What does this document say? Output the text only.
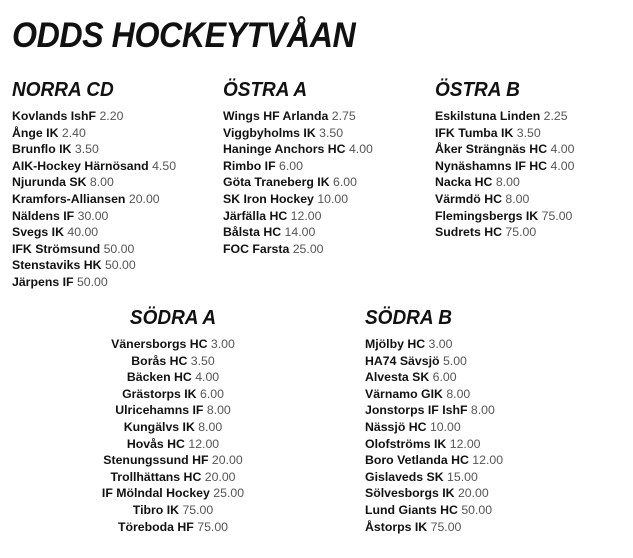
ODDS HOCKEYTVÅAN
NORRA CD
Kovlands IshF 2.20
Ånge IK 2.40
Brunflo IK 3.50
AIK-Hockey Härnösand 4.50
Njurunda SK 8.00
Kramfors-Alliansen 20.00
Näldens IF 30.00
Svegs IK 40.00
IFK Strömsund 50.00
Stenstaviks HK 50.00
Järpens IF 50.00
ÖSTRA A
Wings HF Arlanda 2.75
Viggbyholms IK 3.50
Haninge Anchors HC 4.00
Rimbo IF 6.00
Göta Traneberg IK 6.00
SK Iron Hockey 10.00
Järfälla HC 12.00
Bålsta HC 14.00
FOC Farsta 25.00
ÖSTRA B
Eskilstuna Linden 2.25
IFK Tumba IK 3.50
Åker Strängnäs HC 4.00
Nynäshamns IF HC 4.00
Nacka HC 8.00
Värmdö HC 8.00
Flemingsbergs IK 75.00
Sudrets HC 75.00
SÖDRA A
Vänersborgs HC 3.00
Borås HC 3.50
Bäcken HC 4.00
Grästorps IK 6.00
Ulricehamns IF 8.00
Kungälvs IK 8.00
Hovås HC 12.00
Stenungssund HF 20.00
Trollhättans HC 20.00
IF Mölndal Hockey 25.00
Tibro IK 75.00
Töreboda HF 75.00
SÖDRA B
Mjölby HC 3.00
HA74 Sävsjö 5.00
Alvesta SK 6.00
Värnamo GIK 8.00
Jonstorps IF IshF 8.00
Nässjö HC 10.00
Olofströms IK 12.00
Boro Vetlanda HC 12.00
Gislaveds SK 15.00
Sölvesborgs IK 20.00
Lund Giants HC 50.00
Åstorps IK 75.00
